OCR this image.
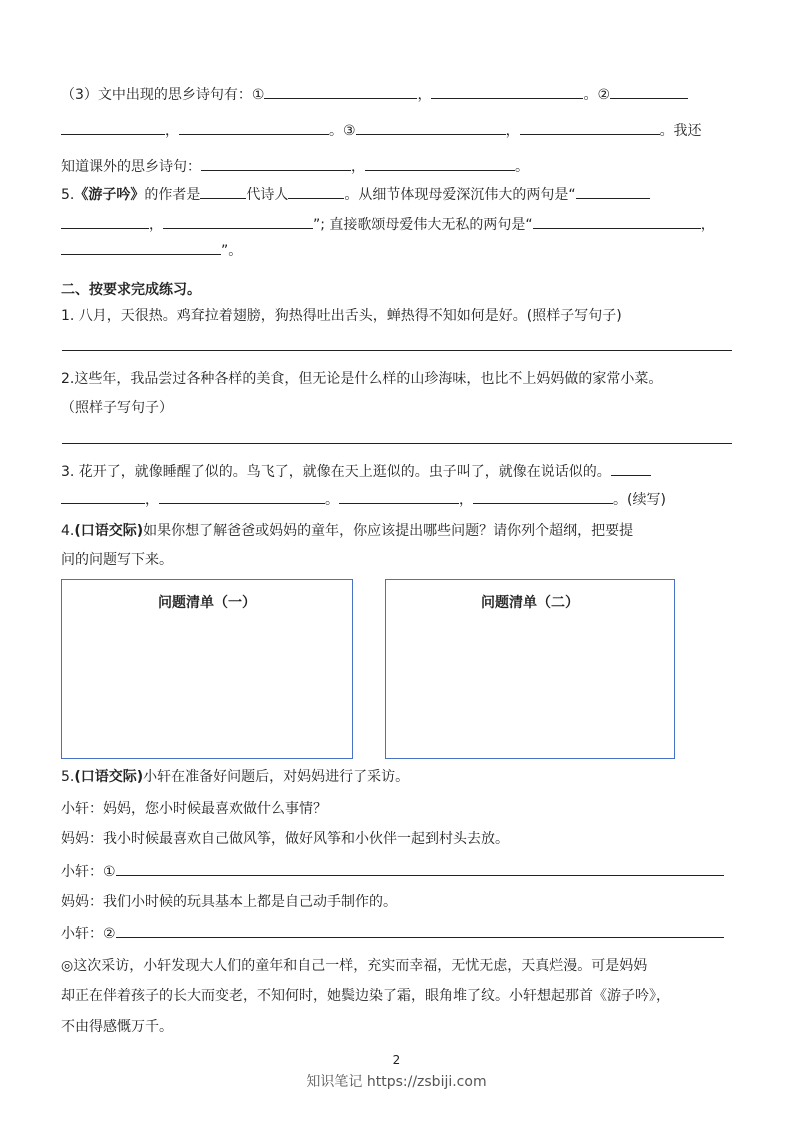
（3）文中出现的思乡诗句有：①	，	。②
，	。③	，	。我还
知道课外的思乡诗句：	，	。
5.《游子吟》的作者是	代诗人	。从细节体现母爱深沉伟大的两句是“
，	”; 直接歌颂母爱伟大无私的两句是“	，
”。
二、按要求完成练习。
1. 八月，天很热。鸡耷拉着翅膀，狗热得吐出舌头，蝉热得不知如何是好。(照样子写句子)
2.这些年，我品尝过各种各样的美食，但无论是什么样的山珍海味，也比不上妈妈做的家常小菜。
（照样子写句子）
3. 花开了，就像睡醒了似的。鸟飞了，就像在天上逛似的。虫子叫了，就像在说话似的。
，	。	，	。(续写)
4.(口语交际)如果你想了解爸爸或妈妈的童年，你应该提出哪些问题？请你列个超纲，把要提
问的问题写下来。
问题清单（一）	问题清单（二）
5.(口语交际)小轩在准备好问题后，对妈妈进行了采访。
小轩：妈妈，您小时候最喜欢做什么事情？
妈妈：我小时候最喜欢自己做风筝，做好风筝和小伙伴一起到村头去放。
小轩：①
妈妈：我们小时候的玩具基本上都是自己动手制作的。
小轩：②
◎这次采访，小轩发现大人们的童年和自己一样，充实而幸福，无忧无虑，天真烂漫。可是妈妈
却正在伴着孩子的长大而变老，不知何时，她鬓边染了霜，眼角堆了纹。小轩想起那首《游子吟》，
不由得感慨万千。
2
知识笔记 https://zsbiji.com
